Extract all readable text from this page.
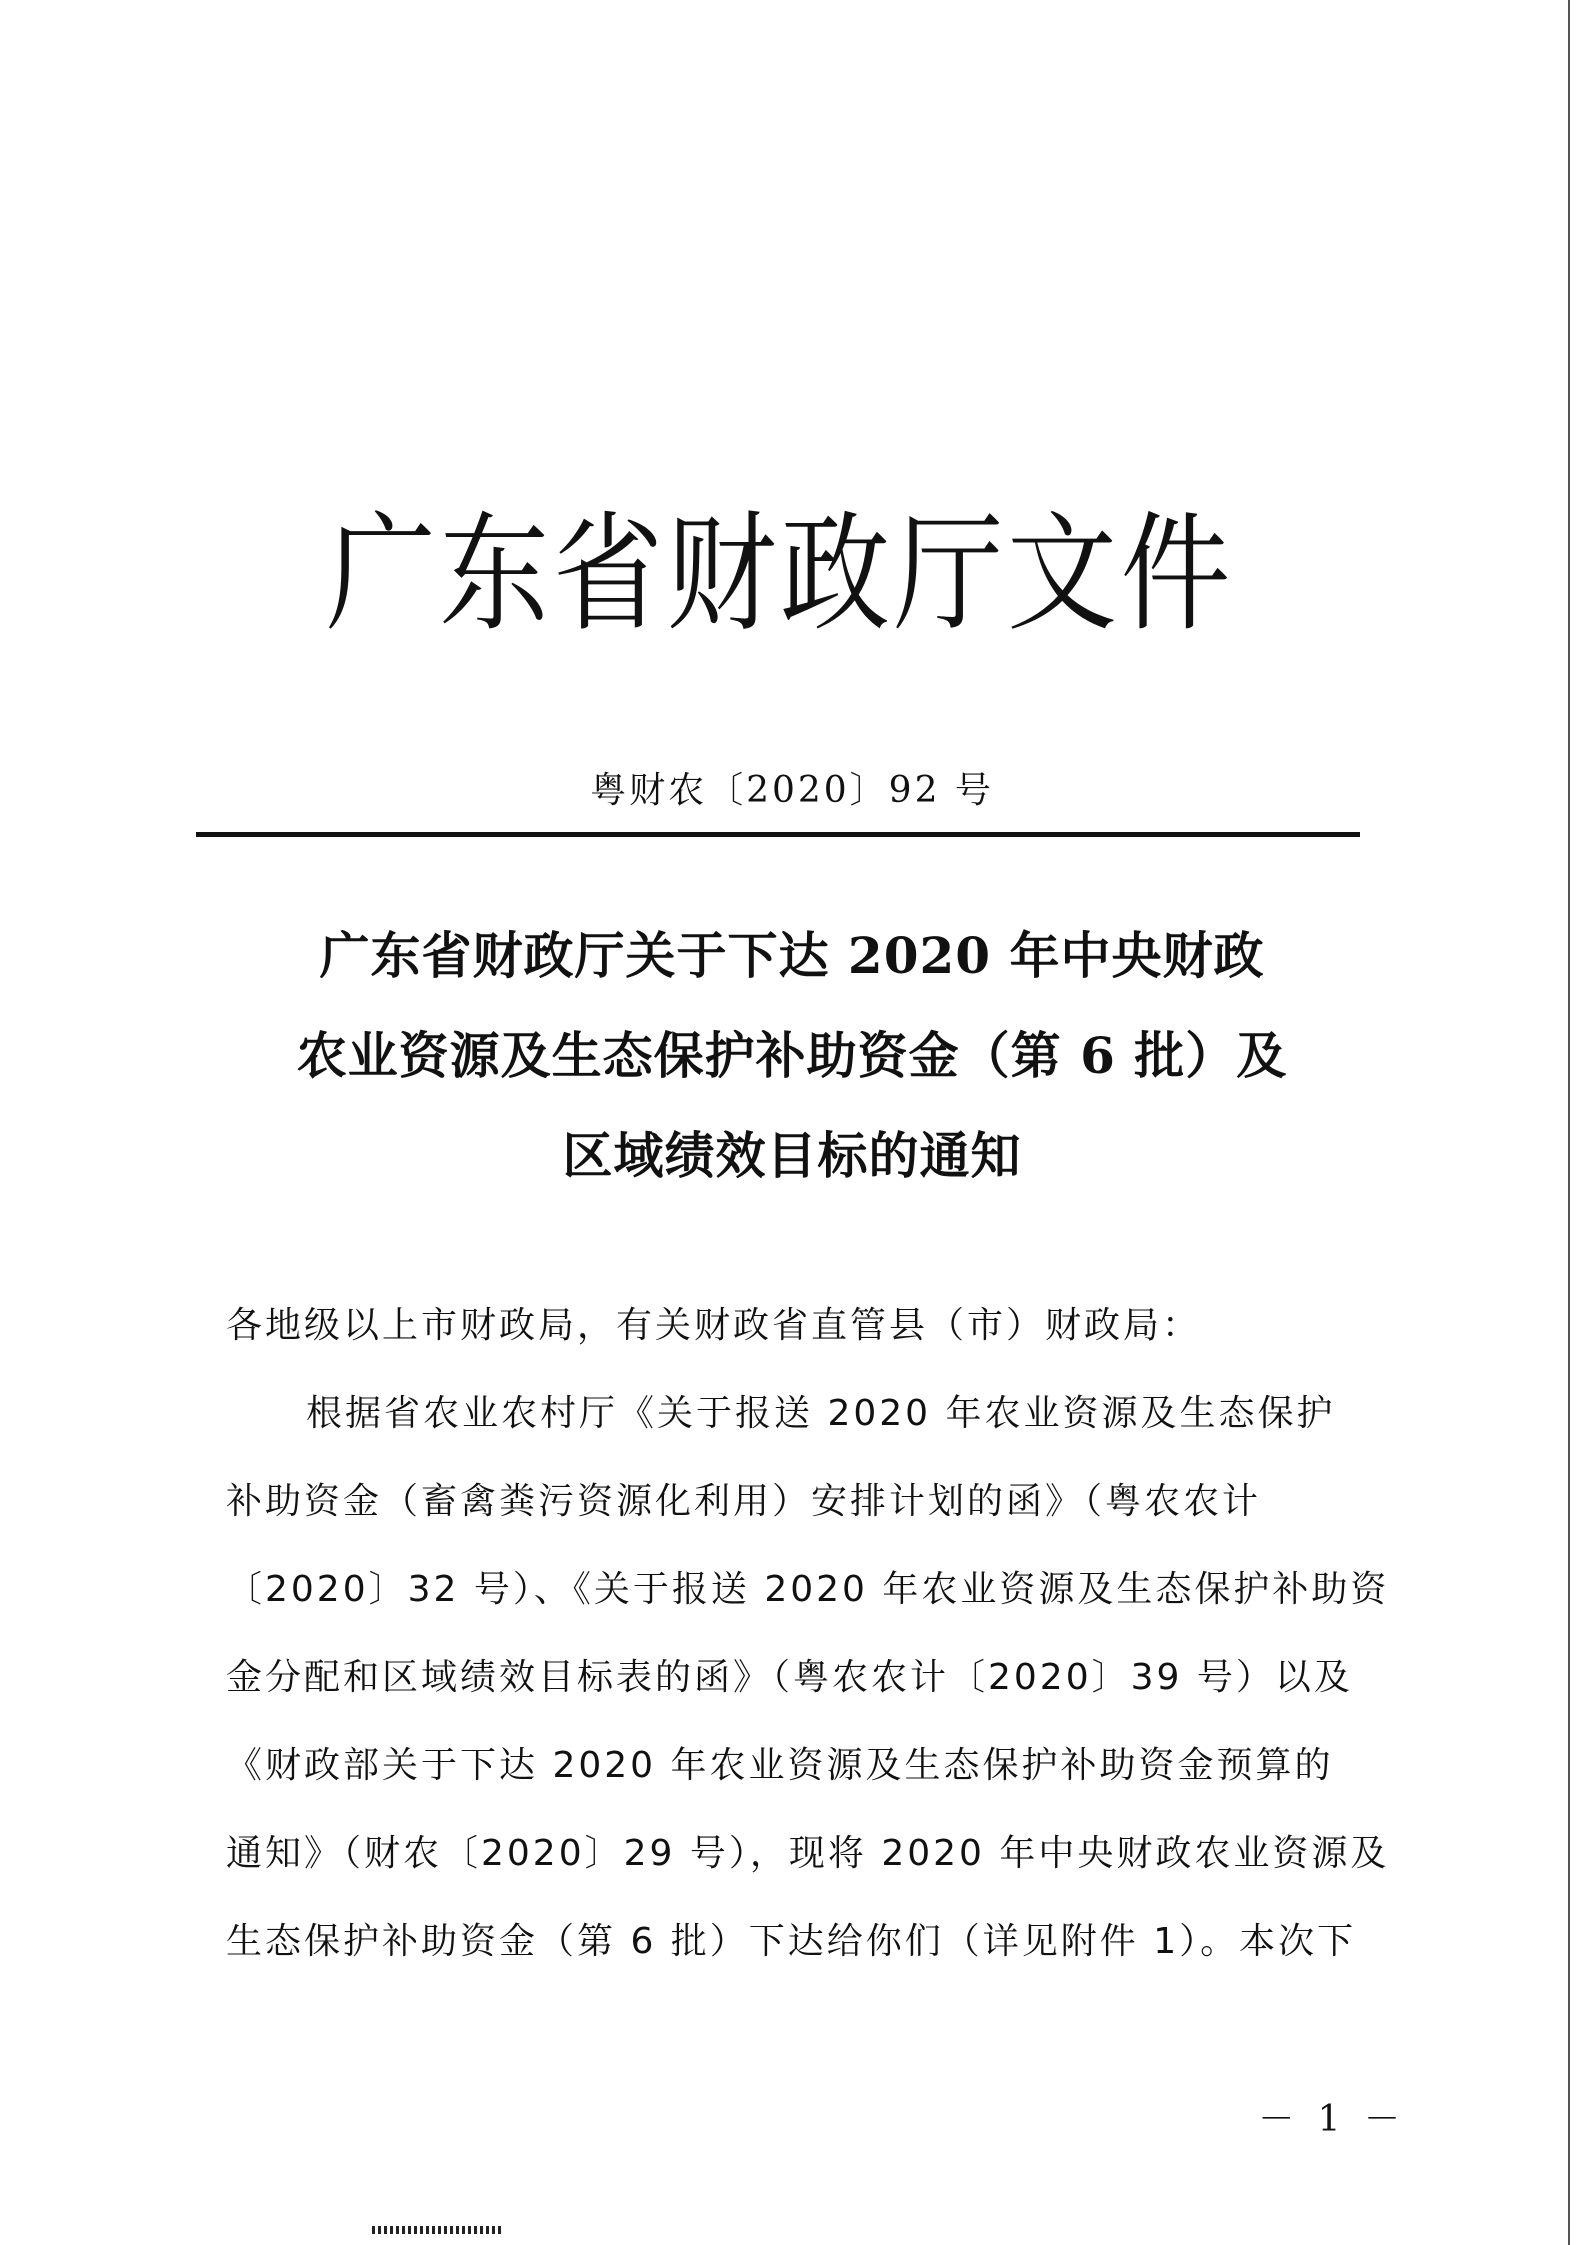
广东省财政厅文件
粤财农〔2020〕92 号
广东省财政厅关于下达 2020 年中央财政
农业资源及生态保护补助资金（第 6 批）及
区域绩效目标的通知
各地级以上市财政局，有关财政省直管县（市）财政局：
根据省农业农村厅《关于报送 2020 年农业资源及生态保护
补助资金（畜禽粪污资源化利用）安排计划的函》（粤农农计
〔2020〕32 号）、《关于报送 2020 年农业资源及生态保护补助资
金分配和区域绩效目标表的函》（粤农农计〔2020〕39 号）以及
《财政部关于下达 2020 年农业资源及生态保护补助资金预算的
通知》（财农〔2020〕29 号），现将 2020 年中央财政农业资源及
生态保护补助资金（第 6 批）下达给你们（详见附件 1）。本次下
－ 1 －
